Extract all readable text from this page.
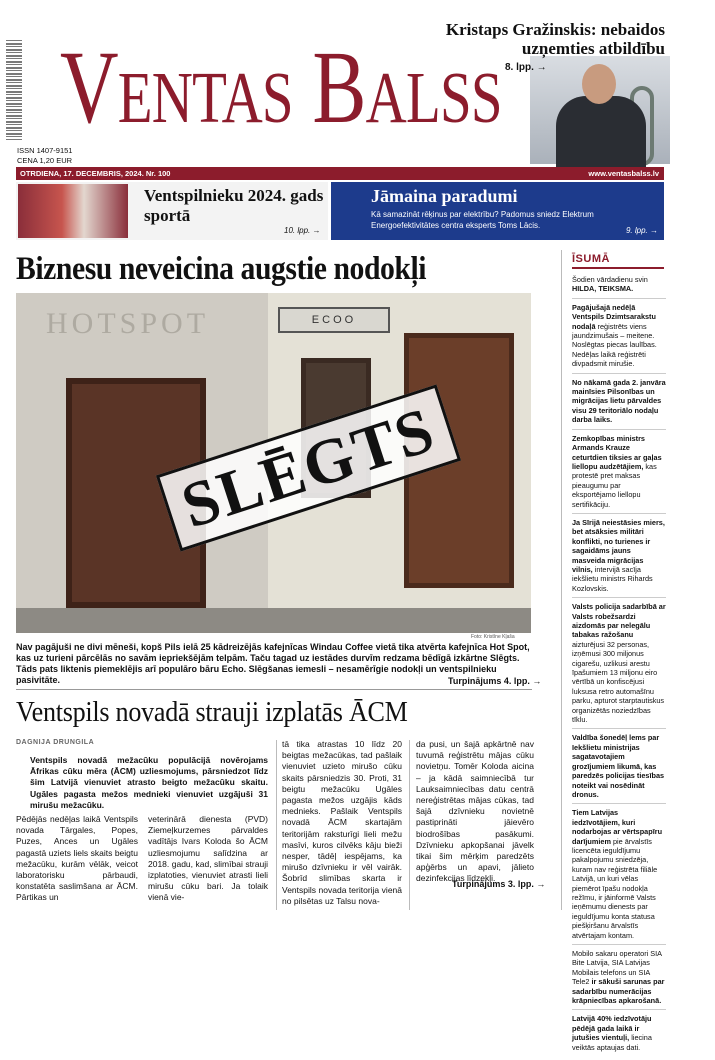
ISSN 1407-9151
CENA 1,20 EUR
Ventas Balss
Kristaps Gražinskis: nebaidos uzņemties atbildību
8. lpp. →
OTRDIENA, 17. DECEMBRIS, 2024. Nr. 100	www.ventasbalss.lv
Ventspilnieku 2024. gads sportā
10. lpp. →
Jāmaina paradumi
Kā samazināt rēķinus par elektrību? Padomus sniedz Elektrum Energoefektivitātes centra eksperts Toms Lācis.
9. lpp. →
Biznesu neveicina augstie nodokļi
HOTSPOT	ECOO
SLĒGTS
Foto: Kristīne Kļaša
Nav pagājuši ne divi mēneši, kopš Pils ielā 25 kādreizējās kafejnīcas Windau Coffee vietā tika atvērta kafejnīca Hot Spot, kas uz turieni pārcēlās no savām iepriekšējām telpām. Taču tagad uz iestādes durvīm redzama bēdīgā izkārtne Slēgts. Tāds pats liktenis piemeklējis arī populāro bāru Echo. Slēgšanas iemesli – nesamērīgie nodokļi un ventspilnieku pasivitāte.	Turpinājums 4. lpp. →
Ventspils novadā strauji izplatās ĀCM
DAGNIJA DRUNGILA
Ventspils novadā mežacūku populācijā novērojams Āfrikas cūku mēra (ĀCM) uzliesmojums, pārsniedzot līdz šim Latvijā vienuviet atrasto beigto mežacūku skaitu. Ugāles pagasta mežos mednieki vienuviet uzgājuši 31 mirušu mežacūku.
Pēdējās nedēļas laikā Ventspils novada Tārgales, Popes, Puzes, Ances un Ugāles pagastā uziets liels skaits beigtu mežacūku, kurām vēlāk, veicot laboratorisku pārbaudi, konstatēta saslimšana ar ĀCM. Pārtikas un
veterinārā dienesta (PVD) Ziemeļkurzemes pārvaldes vadītājs Ivars Koloda šo ĀCM uzliesmojumu salīdzina ar 2018. gadu, kad, slimībai strauji izplatoties, vienuviet atrasti lieli mirušu cūku bari. Ja tolaik vienā vie-
tā tika atrastas 10 līdz 20 beigtas mežacūkas, tad pašlaik vienuviet uzieto mirušo cūku skaits pārsniedzis 30. Proti, 31 beigtu mežacūku Ugāles pagasta mežos uzgājis kāds mednieks. Pašlaik Ventspils novadā ĀCM skartajām teritorijām raksturīgi lieli mežu masīvi, kuros cilvēks kāju bieži nesper, tādēļ iespējams, ka mirušo dzīvnieku ir vēl vairāk. Šobrīd slimības skarta ir Ventspils novada teritorija vienā no pilsētas uz Talsu nova-
da pusi, un šajā apkārtnē nav tuvumā reģistrētu mājas cūku novietņu. Tomēr Koloda aicina – ja kādā saimniecībā tur Lauksaimniecības datu centrā nereģistrētas mājas cūkas, tad šajā dzīvnieku novietnē pastiprināti jāievēro biodrošības pasākumi. Dzīvnieku apkopšanai jāvelk tikai šim mērķim paredzēts apģērbs un apavi, jālieto dezinfekcijas līdzekļi.
Turpinājums 3. lpp. →
ĪSUMĀ
Šodien vārdadienu svin HILDA, TEIKSMA.
Pagājušajā nedēļā Ventspils Dzimtsarakstu nodaļā reģistrēts viens jaundzimušais – meitene. Noslēgtas piecas laulības. Nedēļas laikā reģistrēti divpadsmit mirušie.
No nākamā gada 2. janvāra mainīsies Pilsonības un migrācijas lietu pārvaldes visu 29 teritoriālo nodaļu darba laiks.
Zemkopības ministrs Armands Krauze ceturtdien tiksies ar gaļas liellopu audzētājiem, kas protestē pret maksas pieaugumu par eksportējamo liellopu sertifikāciju.
Ja Sīrijā neiestāsies miers, bet atsāksies militāri konflikti, no turienes ir sagaidāms jauns masveida migrācijas vilnis, intervijā sacīja iekšlietu ministrs Rihards Kozlovskis.
Valsts policija sadarbībā ar Valsts robežsardzi aizdomās par nelegālu tabakas ražošanu aizturējusi 32 personas, izņēmusi 300 miljonus cigarešu, uzlikusi arestu īpašumiem 13 miljonu eiro vērtībā un konfiscējusi luksusa retro automašīnu parku, apturot starptautiskus organizētās noziedzības tīklu.
Valdība šonedēļ lems par Iekšlietu ministrijas sagatavotajiem grozījumiem likumā, kas paredzēs policijas tiesības noteikt vai nosēdināt dronus.
Tiem Latvijas iedzīvotājiem, kuri nodarbojas ar vērtspapīru darījumiem pie ārvalstīs licencēta ieguldījumu pakalpojumu sniedzēja, kuram nav reģistrēta filiāle Latvijā, un kuri vēlas piemērot īpašu nodokļa režīmu, ir jāinformē Valsts ieņēmumu dienests par ieguldījumu konta statusa piešķiršanu ārvalstīs atvērtajam kontam.
Mobilo sakaru operatori SIA Bite Latvija, SIA Latvijas Mobilais telefons un SIA Tele2 ir sākuši sarunas par sadarbību numerācijas krāpniecības apkarošanā.
Latvijā 40% iedzīvotāju pēdējā gada laikā ir jutušies vientuļi, liecina veiktās aptaujas dati.
